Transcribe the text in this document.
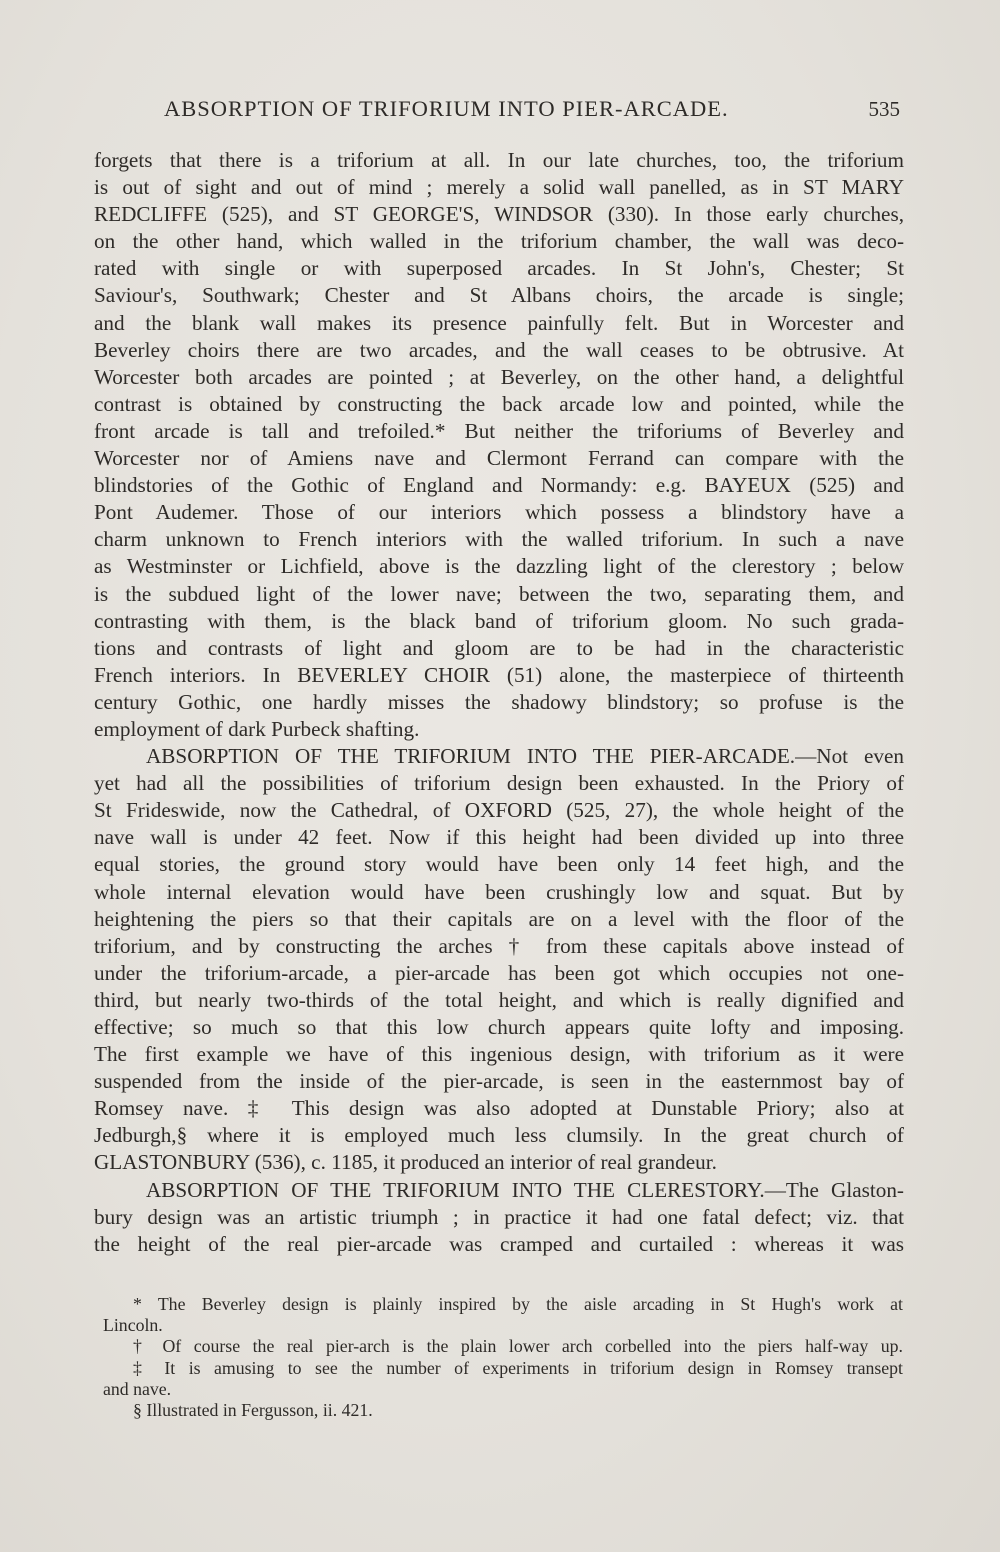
ABSORPTION OF TRIFORIUM INTO PIER-ARCADE.	535
forgets that there is a triforium at all. In our late churches, too, the triforium
is out of sight and out of mind ; merely a solid wall panelled, as in ST MARY
REDCLIFFE (525), and ST GEORGE'S, WINDSOR (330). In those early churches,
on the other hand, which walled in the triforium chamber, the wall was deco-
rated with single or with superposed arcades. In St John's, Chester; St
Saviour's, Southwark; Chester and St Albans choirs, the arcade is single;
and the blank wall makes its presence painfully felt. But in Worcester and
Beverley choirs there are two arcades, and the wall ceases to be obtrusive. At
Worcester both arcades are pointed ; at Beverley, on the other hand, a delightful
contrast is obtained by constructing the back arcade low and pointed, while the
front arcade is tall and trefoiled.* But neither the triforiums of Beverley and
Worcester nor of Amiens nave and Clermont Ferrand can compare with the
blindstories of the Gothic of England and Normandy: e.g. BAYEUX (525) and
Pont Audemer. Those of our interiors which possess a blindstory have a
charm unknown to French interiors with the walled triforium. In such a nave
as Westminster or Lichfield, above is the dazzling light of the clerestory ; below
is the subdued light of the lower nave; between the two, separating them, and
contrasting with them, is the black band of triforium gloom. No such grada-
tions and contrasts of light and gloom are to be had in the characteristic
French interiors. In BEVERLEY CHOIR (51) alone, the masterpiece of thirteenth
century Gothic, one hardly misses the shadowy blindstory; so profuse is the
employment of dark Purbeck shafting.
ABSORPTION OF THE TRIFORIUM INTO THE PIER-ARCADE.—Not even
yet had all the possibilities of triforium design been exhausted. In the Priory of
St Frideswide, now the Cathedral, of OXFORD (525, 27), the whole height of the
nave wall is under 42 feet. Now if this height had been divided up into three
equal stories, the ground story would have been only 14 feet high, and the
whole internal elevation would have been crushingly low and squat. But by
heightening the piers so that their capitals are on a level with the floor of the
triforium, and by constructing the arches † from these capitals above instead of
under the triforium-arcade, a pier-arcade has been got which occupies not one-
third, but nearly two-thirds of the total height, and which is really dignified and
effective; so much so that this low church appears quite lofty and imposing.
The first example we have of this ingenious design, with triforium as it were
suspended from the inside of the pier-arcade, is seen in the easternmost bay of
Romsey nave. ‡ This design was also adopted at Dunstable Priory; also at
Jedburgh,§ where it is employed much less clumsily. In the great church of
GLASTONBURY (536), c. 1185, it produced an interior of real grandeur.
ABSORPTION OF THE TRIFORIUM INTO THE CLERESTORY.—The Glaston-
bury design was an artistic triumph ; in practice it had one fatal defect; viz. that
the height of the real pier-arcade was cramped and curtailed : whereas it was
* The Beverley design is plainly inspired by the aisle arcading in St Hugh's work at
Lincoln.
† Of course the real pier-arch is the plain lower arch corbelled into the piers half-way up.
‡ It is amusing to see the number of experiments in triforium design in Romsey transept
and nave.
§ Illustrated in Fergusson, ii. 421.
